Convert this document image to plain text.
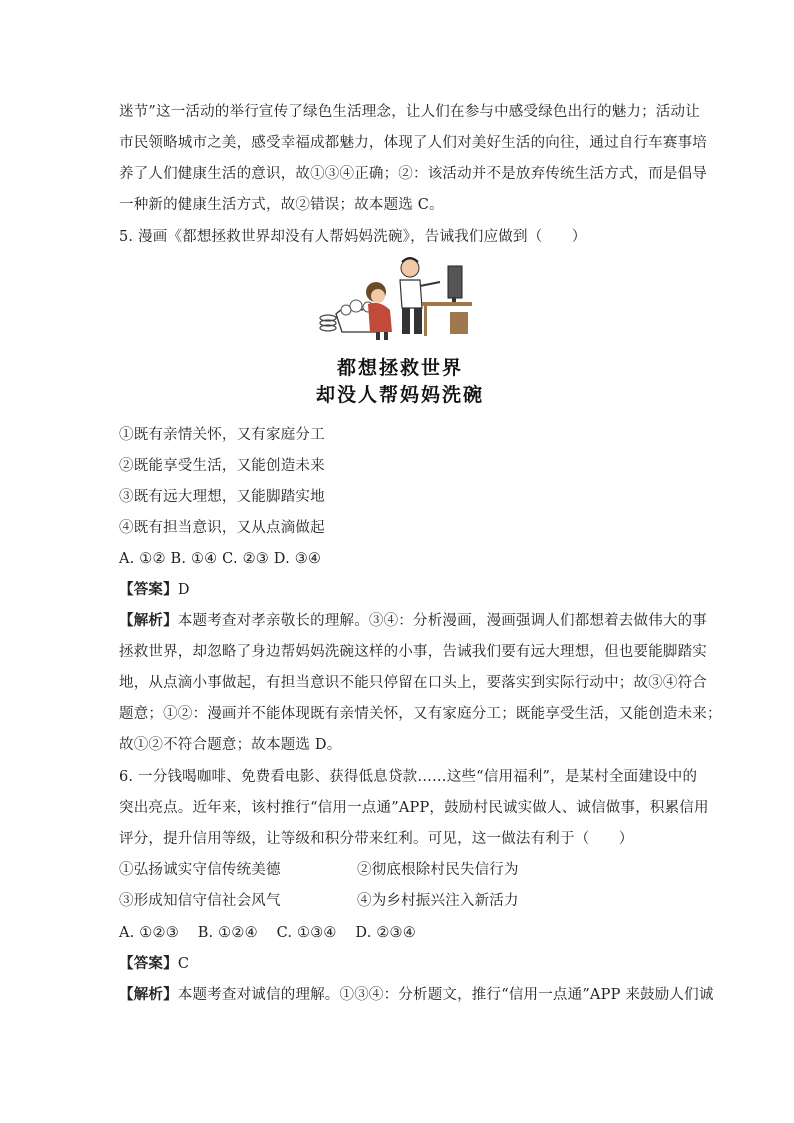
迷节”这一活动的举行宣传了绿色生活理念，让人们在参与中感受绿色出行的魅力；活动让
市民领略城市之美，感受幸福成都魅力，体现了人们对美好生活的向往，通过自行车赛事培
养了人们健康生活的意识，故①③④正确；②：该活动并不是放弃传统生活方式，而是倡导
一种新的健康生活方式，故②错误；故本题选 C。
5. 漫画《都想拯救世界却没有人帮妈妈洗碗》，告诫我们应做到（　　）
都想拯救世界
却没人帮妈妈洗碗
①既有亲情关怀，又有家庭分工
②既能享受生活，又能创造未来
③既有远大理想，又能脚踏实地
④既有担当意识，又从点滴做起
A. ①② B. ①④ C. ②③ D. ③④
【答案】D
【解析】本题考查对孝亲敬长的理解。③④：分析漫画，漫画强调人们都想着去做伟大的事
拯救世界，却忽略了身边帮妈妈洗碗这样的小事，告诫我们要有远大理想，但也要能脚踏实
地，从点滴小事做起，有担当意识不能只停留在口头上，要落实到实际行动中；故③④符合
题意；①②：漫画并不能体现既有亲情关怀，又有家庭分工；既能享受生活，又能创造未来；
故①②不符合题意；故本题选 D。
6. 一分钱喝咖啡、免费看电影、获得低息贷款……这些“信用福利”，是某村全面建设中的
突出亮点。近年来，该村推行“信用一点通”APP，鼓励村民诚实做人、诚信做事，积累信用
评分，提升信用等级，让等级和积分带来红利。可见，这一做法有利于（　　）
①弘扬诚实守信传统美德	②彻底根除村民失信行为
③形成知信守信社会风气	④为乡村振兴注入新活力
A. ①②③ B. ①②④ C. ①③④ D. ②③④
【答案】C
【解析】本题考查对诚信的理解。①③④：分析题文，推行“信用一点通”APP 来鼓励人们诚
